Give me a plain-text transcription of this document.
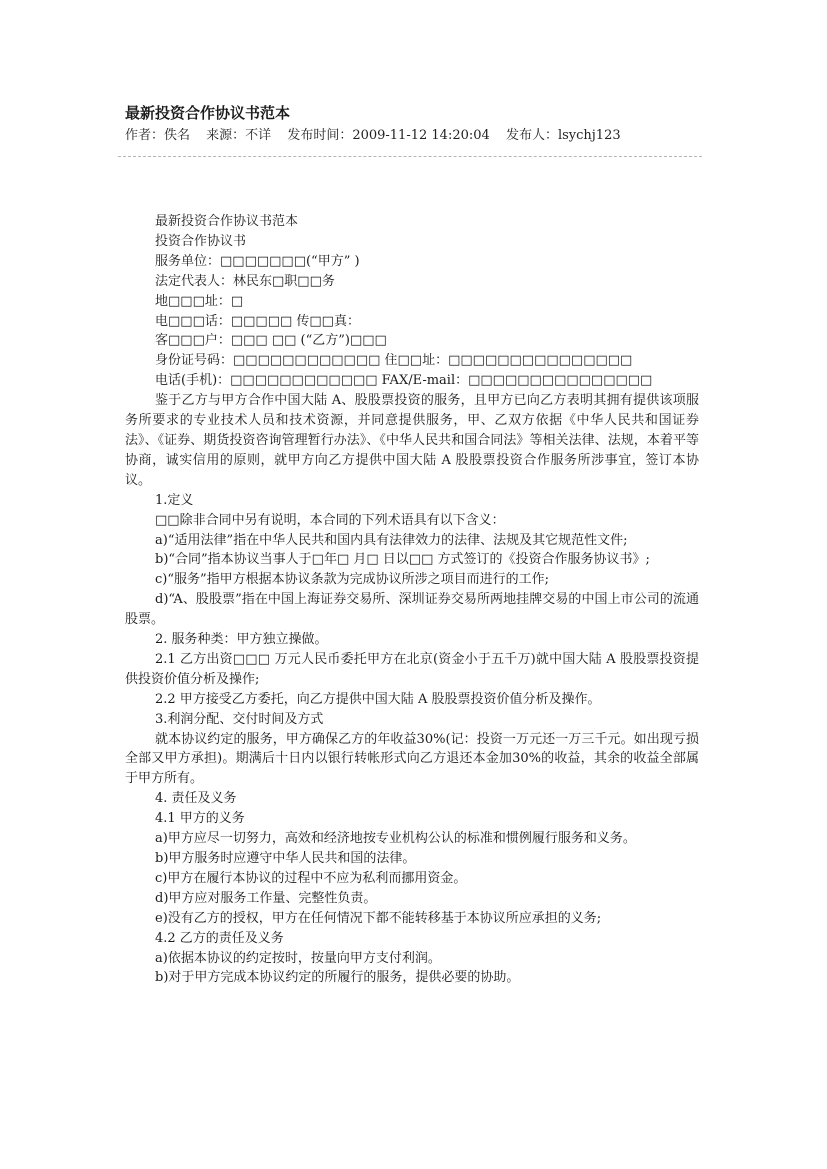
最新投资合作协议书范本
作者：佚名 来源：不详 发布时间：2009-11-12 14:20:04 发布人：lsychj123

最新投资合作协议书范本

投资合作协议书

服务单位：□□□□□□□(“甲方” )

法定代表人：林民东□职□□务

地□□□址：□

电□□□话：□□□□□ 传□□真：

客□□□户：□□□ □□ (“乙方”)□□□

身份证号码：□□□□□□□□□□□□ 住□□址：□□□□□□□□□□□□□□□

电话(手机)：□□□□□□□□□□□□ FAX/E-mail：□□□□□□□□□□□□□□□

鉴于乙方与甲方合作中国大陆 A、股股票投资的服务，且甲方已向乙方表明其拥有提供该项服务所要求的专业技术人员和技术资源，并同意提供服务，甲、乙双方依据《中华人民共和国证券法》、《证券、期货投资咨询管理暂行办法》、《中华人民共和国合同法》等相关法律、法规，本着平等协商，诚实信用的原则，就甲方向乙方提供中国大陆 A 股股票投资合作服务所涉事宜，签订本协议。

1.定义

□□除非合同中另有说明，本合同的下列术语具有以下含义：

a)“适用法律”指在中华人民共和国内具有法律效力的法律、法规及其它规范性文件;

b)“合同”指本协议当事人于□年□ 月□ 日以□□ 方式签订的《投资合作服务协议书》;

c)“服务”指甲方根据本协议条款为完成协议所涉之项目而进行的工作;

d)“A、股股票”指在中国上海证券交易所、深圳证券交易所两地挂牌交易的中国上市公司的流通股票。

2. 服务种类：甲方独立操做。

2.1 乙方出资□□□ 万元人民币委托甲方在北京(资金小于五千万)就中国大陆 A 股股票投资提供投资价值分析及操作;

2.2 甲方接受乙方委托，向乙方提供中国大陆 A 股股票投资价值分析及操作。

3.利润分配、交付时间及方式

就本协议约定的服务，甲方确保乙方的年收益30%(记：投资一万元还一万三千元。如出现亏损全部又甲方承担)。期满后十日内以银行转帐形式向乙方退还本金加30%的收益，其余的收益全部属于甲方所有。

4. 责任及义务

4.1 甲方的义务

a)甲方应尽一切努力，高效和经济地按专业机构公认的标准和惯例履行服务和义务。

b)甲方服务时应遵守中华人民共和国的法律。

c)甲方在履行本协议的过程中不应为私利而挪用资金。

d)甲方应对服务工作量、完整性负责。

e)没有乙方的授权，甲方在任何情况下都不能转移基于本协议所应承担的义务;

4.2 乙方的责任及义务

a)依据本协议的约定按时，按量向甲方支付利润。

b)对于甲方完成本协议约定的所履行的服务，提供必要的协助。
